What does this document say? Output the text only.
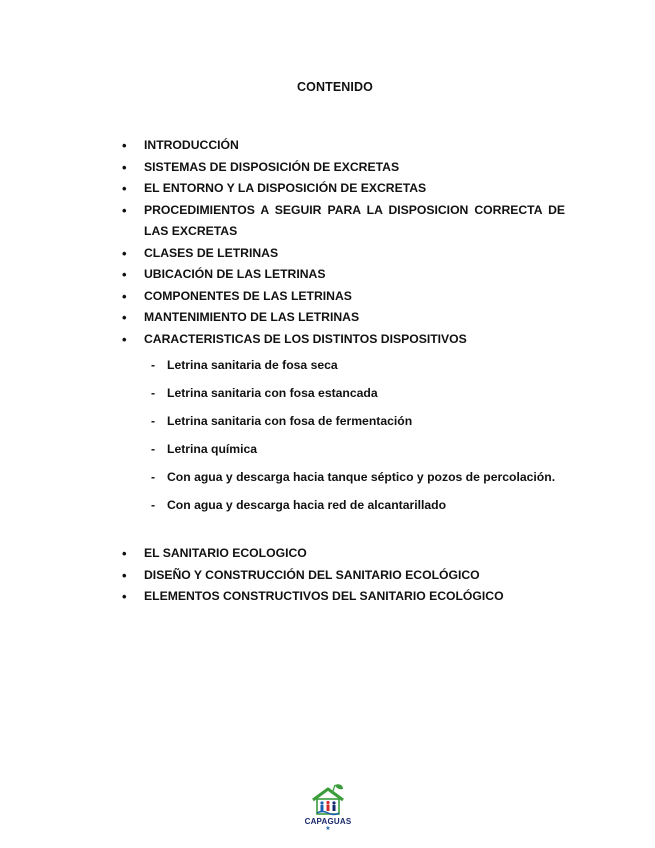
CONTENIDO
• INTRODUCCIÓN
• SISTEMAS DE DISPOSICIÓN DE EXCRETAS
• EL ENTORNO Y LA DISPOSICIÓN DE EXCRETAS
• PROCEDIMIENTOS A SEGUIR PARA LA DISPOSICION CORRECTA DE LAS EXCRETAS
• CLASES DE LETRINAS
• UBICACIÓN DE LAS LETRINAS
• COMPONENTES DE LAS LETRINAS
• MANTENIMIENTO DE LAS LETRINAS
• CARACTERISTICAS DE LOS DISTINTOS DISPOSITIVOS
- Letrina sanitaria de fosa seca
- Letrina sanitaria con fosa estancada
- Letrina sanitaria con fosa de fermentación
- Letrina química
- Con agua y descarga hacia tanque séptico y pozos de percolación.
- Con agua y descarga hacia red de alcantarillado
• EL SANITARIO ECOLOGICO
• DISEÑO Y CONSTRUCCIÓN DEL SANITARIO ECOLÓGICO
• ELEMENTOS CONSTRUCTIVOS DEL SANITARIO ECOLÓGICO
CAPAGUAS
★
